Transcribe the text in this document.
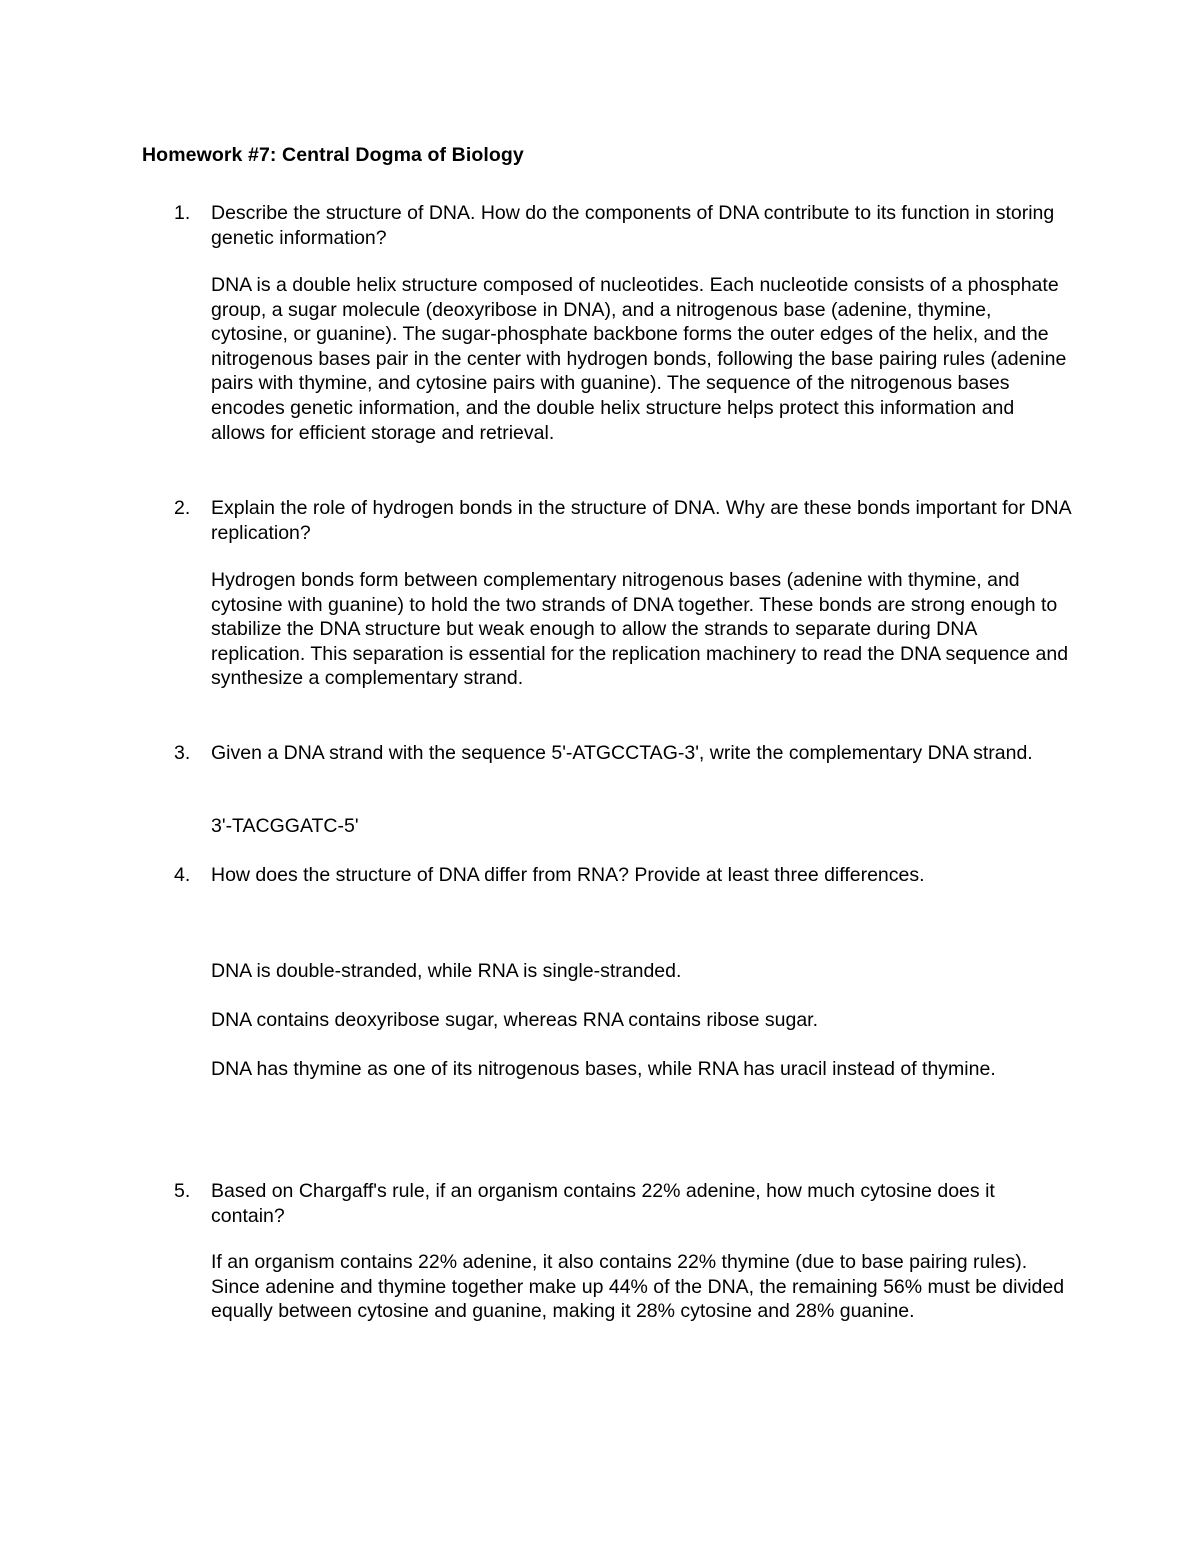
Homework #7: Central Dogma of Biology
1.	Describe the structure of DNA. How do the components of DNA contribute to its function in storing genetic information?

DNA is a double helix structure composed of nucleotides. Each nucleotide consists of a phosphate group, a sugar molecule (deoxyribose in DNA), and a nitrogenous base (adenine, thymine, cytosine, or guanine). The sugar-phosphate backbone forms the outer edges of the helix, and the nitrogenous bases pair in the center with hydrogen bonds, following the base pairing rules (adenine pairs with thymine, and cytosine pairs with guanine). The sequence of the nitrogenous bases encodes genetic information, and the double helix structure helps protect this information and allows for efficient storage and retrieval.

2.	Explain the role of hydrogen bonds in the structure of DNA. Why are these bonds important for DNA replication?

Hydrogen bonds form between complementary nitrogenous bases (adenine with thymine, and cytosine with guanine) to hold the two strands of DNA together. These bonds are strong enough to stabilize the DNA structure but weak enough to allow the strands to separate during DNA replication. This separation is essential for the replication machinery to read the DNA sequence and synthesize a complementary strand.

3.	Given a DNA strand with the sequence 5'-ATGCCTAG-3', write the complementary DNA strand.

3'-TACGGATC-5'

4.	How does the structure of DNA differ from RNA? Provide at least three differences.

DNA is double-stranded, while RNA is single-stranded.

DNA contains deoxyribose sugar, whereas RNA contains ribose sugar.

DNA has thymine as one of its nitrogenous bases, while RNA has uracil instead of thymine.

5.	Based on Chargaff's rule, if an organism contains 22% adenine, how much cytosine does it contain?

If an organism contains 22% adenine, it also contains 22% thymine (due to base pairing rules). Since adenine and thymine together make up 44% of the DNA, the remaining 56% must be divided equally between cytosine and guanine, making it 28% cytosine and 28% guanine.
